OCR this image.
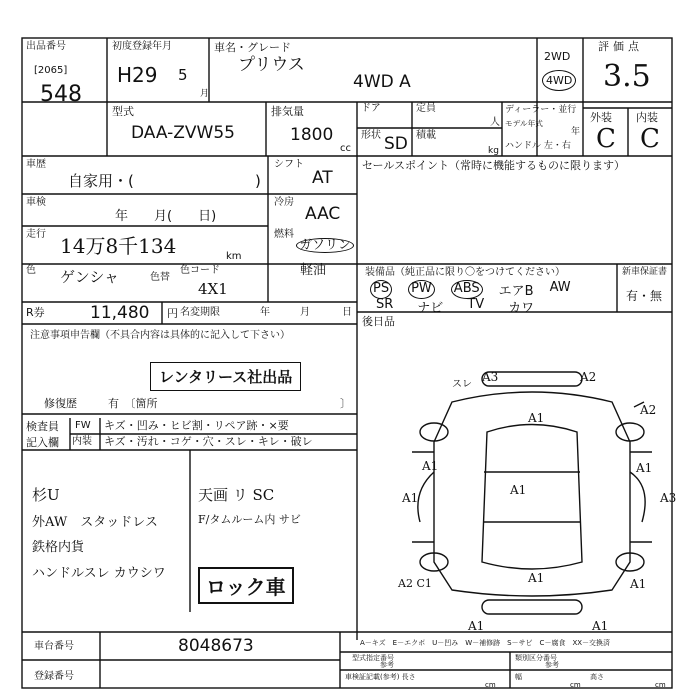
出品番号
[2065]
548
初度登録年月
H29 5
月
車名・グレード
プリウス
4WD A
2WD
4WD
評価点
3.5
外装 内装
C C
型式
DAA-ZVW55
排気量
1800
cc
ドア
形状 SD
定員
人
積載
kg
ディーラー・並行
モデル年式
年
ハンドル 左・右
車歴
自家用・(	)
車検
年　　月(　　日)
走行 14万8千134	km
シフト
AT
冷房
AAC
燃料
ガソリン
軽油
色 ゲンシャ	色替
色コード
4X1
R券	11,480 円 名変期限	年	月	日
セールスポイント（常時に機能するものに限ります）
装備品（純正品に限り〇をつけてください）
PS PW ABS エアB AW
SR ナビ TV カワ
新車保証書
有・無
後日品
注意事項申告欄（不具合内容は具体的に記入して下さい）
レンタリース社出品
修復歴	有　〔箇所	〕
検査員
記入欄
FW キズ・凹み・ヒビ割・リペア跡・×要
内装 キズ・汚れ・コゲ・穴・スレ・キレ・破レ
杉U
外AW　スタッドレス
鉄格内貨
ハンドルスレ カウシワ
天画 リ SC
F/タムルーム内 サビ
ロック車
スレ
A3	A2
A1
A2
A1	A1
A1
A1	A3
A1
A2 C1	A1
A1	A1
車台番号	8048673
登録番号
A－キズ　E－エクボ　U－凹み　W－補修跡　S－サビ　C－腐食　XX－交換済
型式指定番号
参考
類別区分番号
参考
車検証記載(参考) 長さ
cm
幅
cm
高さ
cm
